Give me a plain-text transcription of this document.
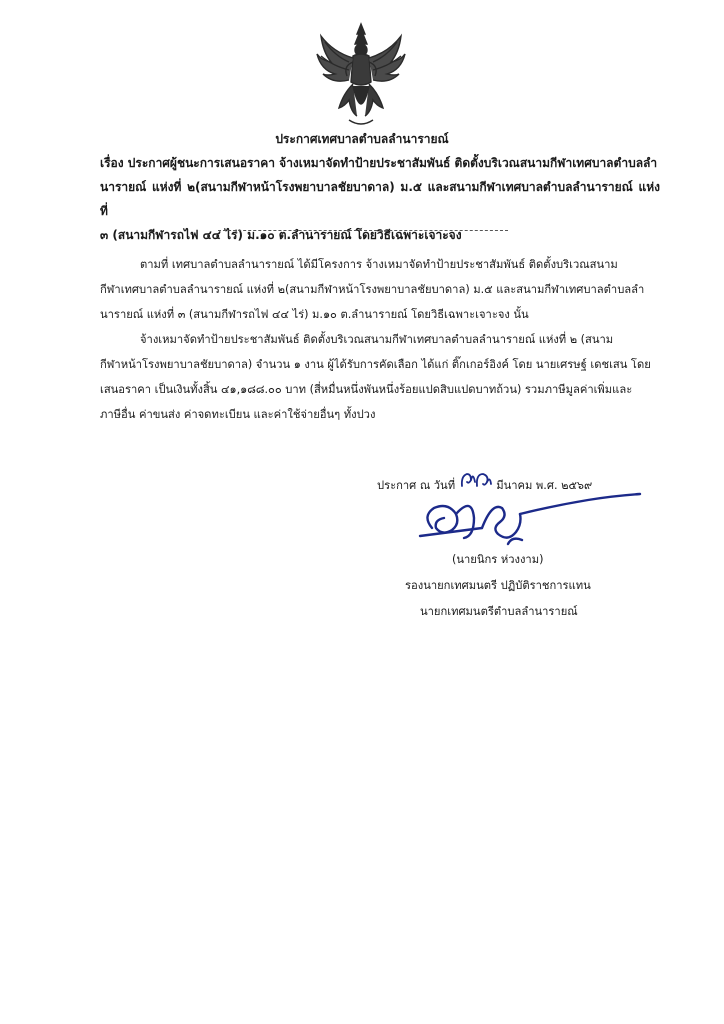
ประกาศเทศบาลตำบลลำนารายณ์
เรื่อง ประกาศผู้ชนะการเสนอราคา จ้างเหมาจัดทำป้ายประชาสัมพันธ์ ติดตั้งบริเวณสนามกีฬาเทศบาลตำบลลำ
นารายณ์ แห่งที่ ๒(สนามกีฬาหน้าโรงพยาบาลชัยบาดาล) ม.๕ และสนามกีฬาเทศบาลตำบลลำนารายณ์ แห่งที่
๓ (สนามกีฬารถไฟ ๔๔ ไร่) ม.๑๐ ต.ลำนารายณ์ โดยวิธีเฉพาะเจาะจง
ตามที่ เทศบาลตำบลลำนารายณ์ ได้มีโครงการ จ้างเหมาจัดทำป้ายประชาสัมพันธ์ ติดตั้งบริเวณสนาม
กีฬาเทศบาลตำบลลำนารายณ์ แห่งที่ ๒(สนามกีฬาหน้าโรงพยาบาลชัยบาดาล) ม.๕ และสนามกีฬาเทศบาลตำบลลำ
นารายณ์ แห่งที่ ๓ (สนามกีฬารถไฟ ๔๔ ไร่) ม.๑๐ ต.ลำนารายณ์ โดยวิธีเฉพาะเจาะจง นั้น
จ้างเหมาจัดทำป้ายประชาสัมพันธ์ ติดตั้งบริเวณสนามกีฬาเทศบาลตำบลลำนารายณ์ แห่งที่ ๒ (สนาม
กีฬาหน้าโรงพยาบาลชัยบาดาล) จำนวน ๑ งาน ผู้ได้รับการคัดเลือก ได้แก่ ติ๊กเกอร์อิงค์ โดย นายเศรษฐ์ เดชเสน โดย
เสนอราคา เป็นเงินทั้งสิ้น ๔๑,๑๘๘.๐๐ บาท (สี่หมื่นหนึ่งพันหนึ่งร้อยแปดสิบแปดบาทถ้วน) รวมภาษีมูลค่าเพิ่มและ
ภาษีอื่น ค่าขนส่ง ค่าจดทะเบียน และค่าใช้จ่ายอื่นๆ ทั้งปวง
ประกาศ ณ วันที่	มีนาคม พ.ศ. ๒๕๖๙
(นายนิกร ห่วงงาม)
รองนายกเทศมนตรี ปฏิบัติราชการแทน
นายกเทศมนตรีตำบลลำนารายณ์
